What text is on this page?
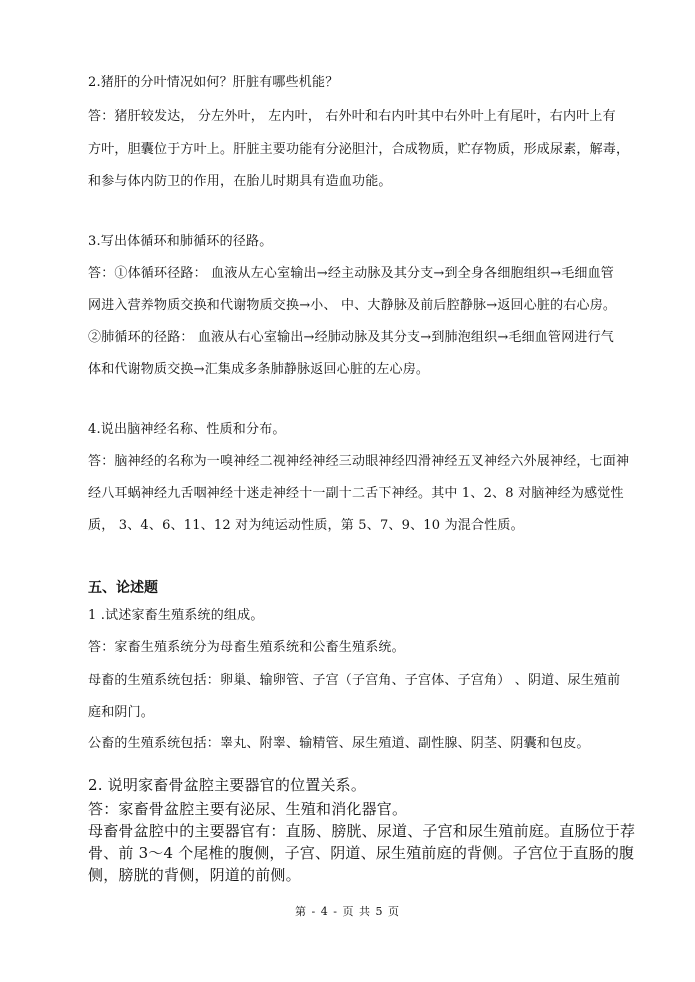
2.猪肝的分叶情况如何？肝脏有哪些机能？
答：猪肝较发达， 分左外叶， 左内叶， 右外叶和右内叶其中右外叶上有尾叶，右内叶上有
方叶，胆囊位于方叶上。肝脏主要功能有分泌胆汁，合成物质，贮存物质，形成尿素，解毒，
和参与体内防卫的作用，在胎儿时期具有造血功能。
3.写出体循环和肺循环的径路。
答：①体循环径路： 血液从左心室输出→经主动脉及其分支→到全身各细胞组织→毛细血管
网进入营养物质交换和代谢物质交换→小、 中、大静脉及前后腔静脉→返回心脏的右心房。
②肺循环的径路： 血液从右心室输出→经肺动脉及其分支→到肺泡组织→毛细血管网进行气
体和代谢物质交换→汇集成多条肺静脉返回心脏的左心房。
4.说出脑神经名称、性质和分布。
答：脑神经的名称为一嗅神经二视神经神经三动眼神经四滑神经五叉神经六外展神经，七面神
经八耳蜗神经九舌咽神经十迷走神经十一副十二舌下神经。其中 1、2、8 对脑神经为感觉性
质， 3、4、6、11、12 对为纯运动性质，第 5、7、9、10 为混合性质。
五、论述题
1 .试述家畜生殖系统的组成。
答：家畜生殖系统分为母畜生殖系统和公畜生殖系统。
母畜的生殖系统包括：卵巢、输卵管、子宫（子宫角、子宫体、子宫角） 、阴道、尿生殖前
庭和阴门。
公畜的生殖系统包括：睾丸、附睾、输精管、尿生殖道、副性腺、阴茎、阴囊和包皮。
2. 说明家畜骨盆腔主要器官的位置关系。
答：家畜骨盆腔主要有泌尿、生殖和消化器官。
母畜骨盆腔中的主要器官有：直肠、膀胱、尿道、子宫和尿生殖前庭。直肠位于荐
骨、前 3～4 个尾椎的腹侧，子宫、阴道、尿生殖前庭的背侧。子宫位于直肠的腹
侧，膀胱的背侧，阴道的前侧。
第 - 4 - 页 共 5 页
